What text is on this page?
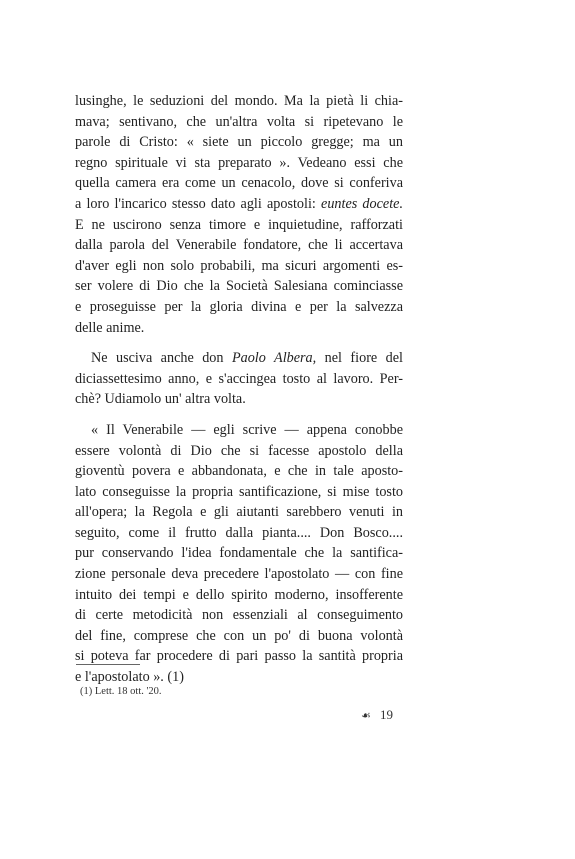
lusinghe, le seduzioni del mondo. Ma la pietà li chia-
mava; sentivano, che un'altra volta si ripetevano le
parole di Cristo: « siete un piccolo gregge; ma un
regno spirituale vi sta preparato ». Vedeano essi che
quella camera era come un cenacolo, dove si conferiva
a loro l'incarico stesso dato agli apostoli: euntes docete.
E ne uscirono senza timore e inquietudine, rafforzati
dalla parola del Venerabile fondatore, che li accertava
d'aver egli non solo probabili, ma sicuri argomenti es-
ser volere di Dio che la Società Salesiana cominciasse
e proseguisse per la gloria divina e per la salvezza
delle anime.
Ne usciva anche don Paolo Albera, nel fiore del
diciassettesimo anno, e s'accingea tosto al lavoro. Per-
chè? Udiamolo un' altra volta.
« Il Venerabile — egli scrive — appena conobbe
essere volontà di Dio che si facesse apostolo della
gioventù povera e abbandonata, e che in tale aposto-
lato conseguisse la propria santificazione, si mise tosto
all'opera; la Regola e gli aiutanti sarebbero venuti in
seguito, come il frutto dalla pianta.... Don Bosco....
pur conservando l'idea fondamentale che la santifica-
zione personale deva precedere l'apostolato — con fine
intuito dei tempi e dello spirito moderno, insofferente
di certe metodicità non essenziali al conseguimento
del fine, comprese che con un po' di buona volontà
si poteva far procedere di pari passo la santità propria
e l'apostolato ». (1)
(1) Lett. 18 ott. '20.
☙ 19
